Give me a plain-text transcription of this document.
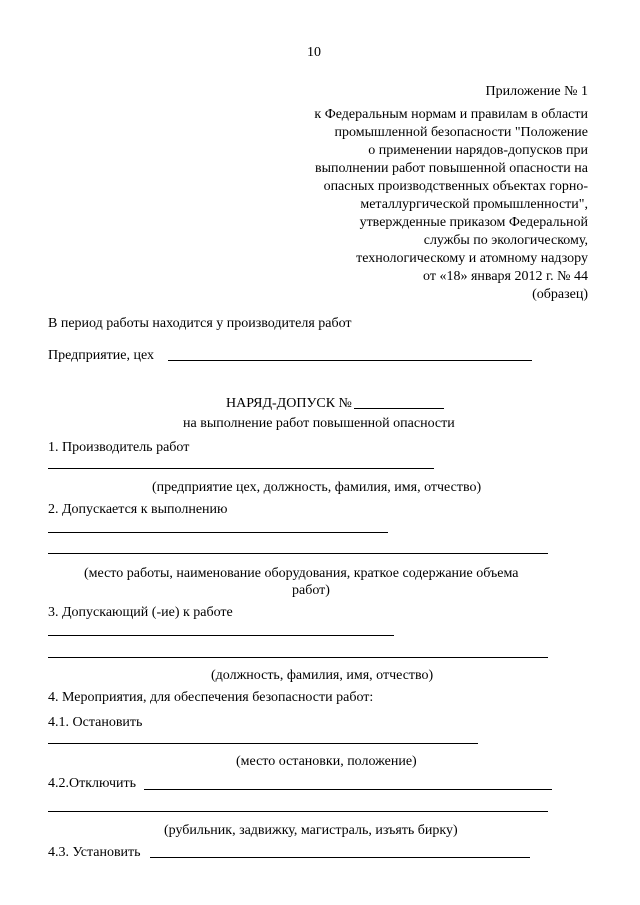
10
Приложение № 1
к Федеральным нормам и правилам в области
промышленной безопасности "Положение
о применении нарядов-допусков при
выполнении работ повышенной опасности на
опасных производственных объектах горно-
металлургической промышленности",
утвержденные приказом Федеральной
службы по экологическому,
технологическому и атомному надзору
от «18» января 2012 г. № 44
(образец)
В период работы находится у производителя работ
Предприятие, цех
НАРЯД-ДОПУСК №
на выполнение работ повышенной опасности
1. Производитель работ
(предприятие цех, должность, фамилия, имя, отчество)
2. Допускается к выполнению
(место работы, наименование оборудования, краткое содержание объема
работ)
3. Допускающий (-ие) к работе
(должность, фамилия, имя, отчество)
4. Мероприятия, для обеспечения безопасности работ:
4.1. Остановить
(место остановки, положение)
4.2.Отключить
(рубильник, задвижку, магистраль, изъять бирку)
4.3. Установить
